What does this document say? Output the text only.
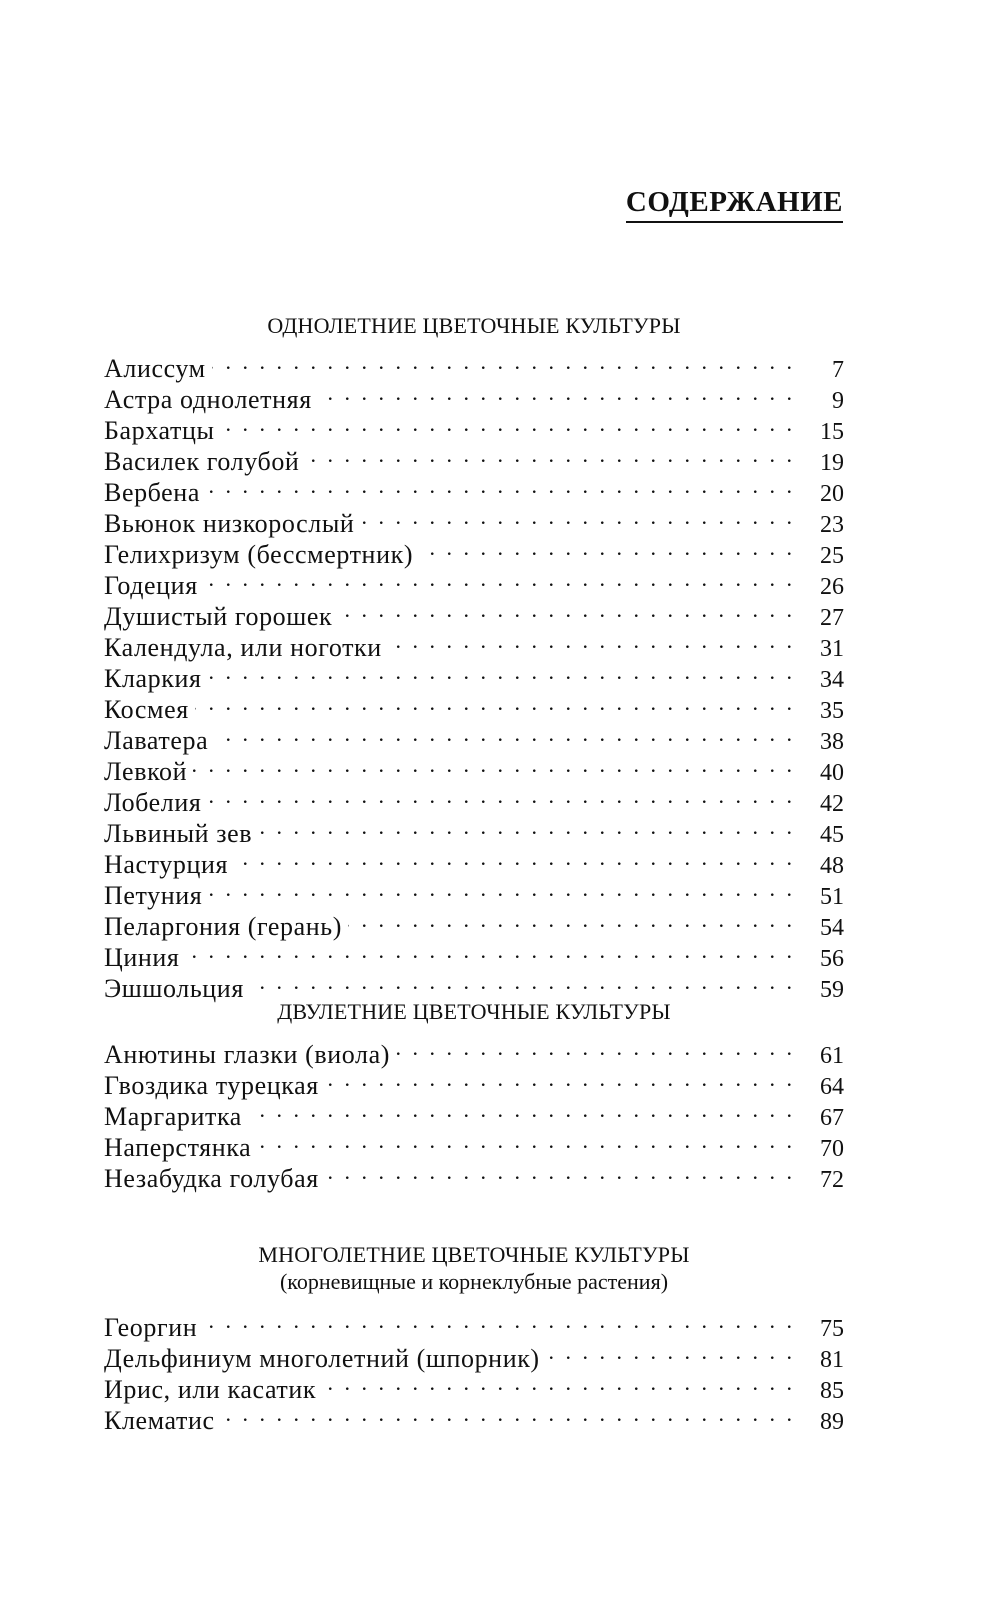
СОДЕРЖАНИЕ
ОДНОЛЕТНИЕ ЦВЕТОЧНЫЕ КУЛЬТУРЫ
Алиссум . . .	7
Астра однолетняя . . .	9
Бархатцы . . .	15
Василек голубой . . .	19
Вербена . . .	20
Вьюнок низкорослый . . .	23
Гелихризум (бессмертник) . . .	25
Годеция . . .	26
Душистый горошек . . .	27
Календула, или ноготки . . .	31
Кларкия . . .	34
Космея . . .	35
Лаватера . . .	38
Левкой . . .	40
Лобелия . . .	42
Львиный зев . . .	45
Настурция . . .	48
Петуния . . .	51
Пеларгония (герань) . . .	54
Циния . . .	56
Эшшольция . . .	59
ДВУЛЕТНИЕ ЦВЕТОЧНЫЕ КУЛЬТУРЫ
Анютины глазки (виола) . . .	61
Гвоздика турецкая . . .	64
Маргаритка . . .	67
Наперстянка . . .	70
Незабудка голубая . . .	72
МНОГОЛЕТНИЕ ЦВЕТОЧНЫЕ КУЛЬТУРЫ
(корневищные и корнеклубные растения)
Георгин . . .	75
Дельфиниум многолетний (шпорник) . . .	81
Ирис, или касатик . . .	85
Клематис . . .	89
